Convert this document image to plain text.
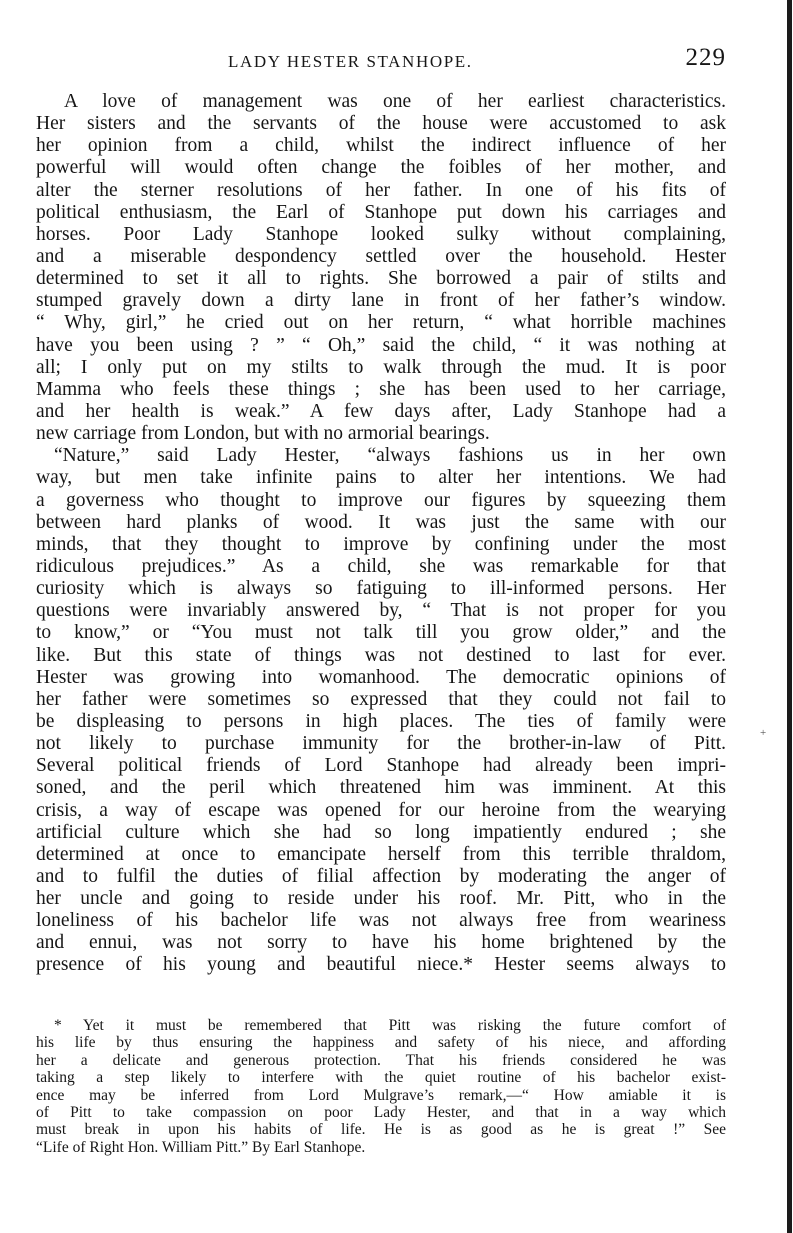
LADY HESTER STANHOPE.	229
A love of management was one of her earliest characteristics.
Her sisters and the servants of the house were accustomed to ask
her opinion from a child, whilst the indirect influence of her
powerful will would often change the foibles of her mother, and
alter the sterner resolutions of her father. In one of his fits of
political enthusiasm, the Earl of Stanhope put down his carriages and
horses. Poor Lady Stanhope looked sulky without complaining,
and a miserable despondency settled over the household. Hester
determined to set it all to rights. She borrowed a pair of stilts and
stumped gravely down a dirty lane in front of her father’s window.
“ Why, girl,” he cried out on her return, “ what horrible machines
have you been using ? ” “ Oh,” said the child, “ it was nothing at
all; I only put on my stilts to walk through the mud. It is poor
Mamma who feels these things ; she has been used to her carriage,
and her health is weak.” A few days after, Lady Stanhope had a
new carriage from London, but with no armorial bearings.
“Nature,” said Lady Hester, “always fashions us in her own
way, but men take infinite pains to alter her intentions. We had
a governess who thought to improve our figures by squeezing them
between hard planks of wood. It was just the same with our
minds, that they thought to improve by confining under the most
ridiculous prejudices.” As a child, she was remarkable for that
curiosity which is always so fatiguing to ill-informed persons. Her
questions were invariably answered by, “ That is not proper for you
to know,” or “You must not talk till you grow older,” and the
like. But this state of things was not destined to last for ever.
Hester was growing into womanhood. The democratic opinions of
her father were sometimes so expressed that they could not fail to
be displeasing to persons in high places. The ties of family were
not likely to purchase immunity for the brother-in-law of Pitt.
Several political friends of Lord Stanhope had already been impri-
soned, and the peril which threatened him was imminent. At this
crisis, a way of escape was opened for our heroine from the wearying
artificial culture which she had so long impatiently endured ; she
determined at once to emancipate herself from this terrible thraldom,
and to fulfil the duties of filial affection by moderating the anger of
her uncle and going to reside under his roof. Mr. Pitt, who in the
loneliness of his bachelor life was not always free from weariness
and ennui, was not sorry to have his home brightened by the
presence of his young and beautiful niece.* Hester seems always to
+
* Yet it must be remembered that Pitt was risking the future comfort of
his life by thus ensuring the happiness and safety of his niece, and affording
her a delicate and generous protection. That his friends considered he was
taking a step likely to interfere with the quiet routine of his bachelor exist-
ence may be inferred from Lord Mulgrave’s remark,—“ How amiable it is
of Pitt to take compassion on poor Lady Hester, and that in a way which
must break in upon his habits of life. He is as good as he is great !” See
“Life of Right Hon. William Pitt.” By Earl Stanhope.
